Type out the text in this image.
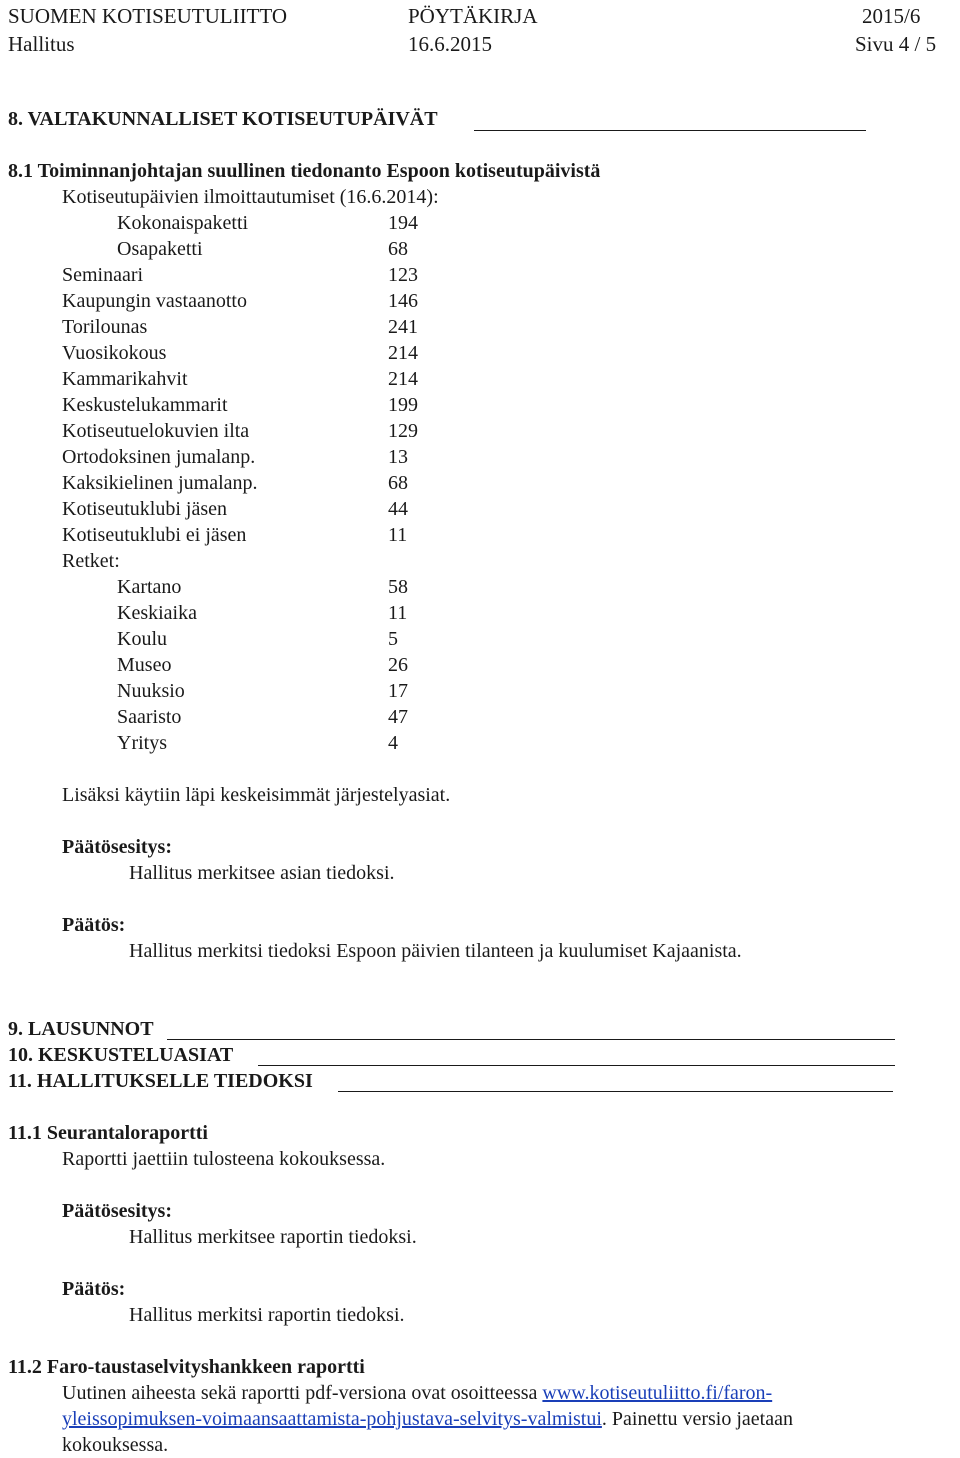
SUOMEN KOTISEUTULIITTO	PÖYTÄKIRJA	2015/6
Hallitus	16.6.2015	Sivu 4 / 5
8. VALTAKUNNALLISET KOTISEUTUPÄIVÄT
8.1 Toiminnanjohtajan suullinen tiedonanto Espoon kotiseutupäivistä
Kotiseutupäivien ilmoittautumiset (16.6.2014):
Kokonaispaketti	194
Osapaketti	68
Seminaari	123
Kaupungin vastaanotto	146
Torilounas	241
Vuosikokous	214
Kammarikahvit	214
Keskustelukammarit	199
Kotiseutuelokuvien ilta	129
Ortodoksinen jumalanp.	13
Kaksikielinen jumalanp.	68
Kotiseutuklubi jäsen	44
Kotiseutuklubi ei jäsen	11
Retket:
Kartano	58
Keskiaika	11
Koulu	5
Museo	26
Nuuksio	17
Saaristo	47
Yritys	4
Lisäksi käytiin läpi keskeisimmät järjestelyasiat.
Päätösesitys:
Hallitus merkitsee asian tiedoksi.
Päätös:
Hallitus merkitsi tiedoksi Espoon päivien tilanteen ja kuulumiset Kajaanista.
9. LAUSUNNOT
10. KESKUSTELUASIAT
11. HALLITUKSELLE TIEDOKSI
11.1 Seurantaloraportti
Raportti jaettiin tulosteena kokouksessa.
Päätösesitys:
Hallitus merkitsee raportin tiedoksi.
Päätös:
Hallitus merkitsi raportin tiedoksi.
11.2 Faro-taustaselvityshankkeen raportti
Uutinen aiheesta sekä raportti pdf-versiona ovat osoitteessa www.kotiseutuliitto.fi/faron-
yleissopimuksen-voimaansaattamista-pohjustava-selvitys-valmistui. Painettu versio jaetaan
kokouksessa.
